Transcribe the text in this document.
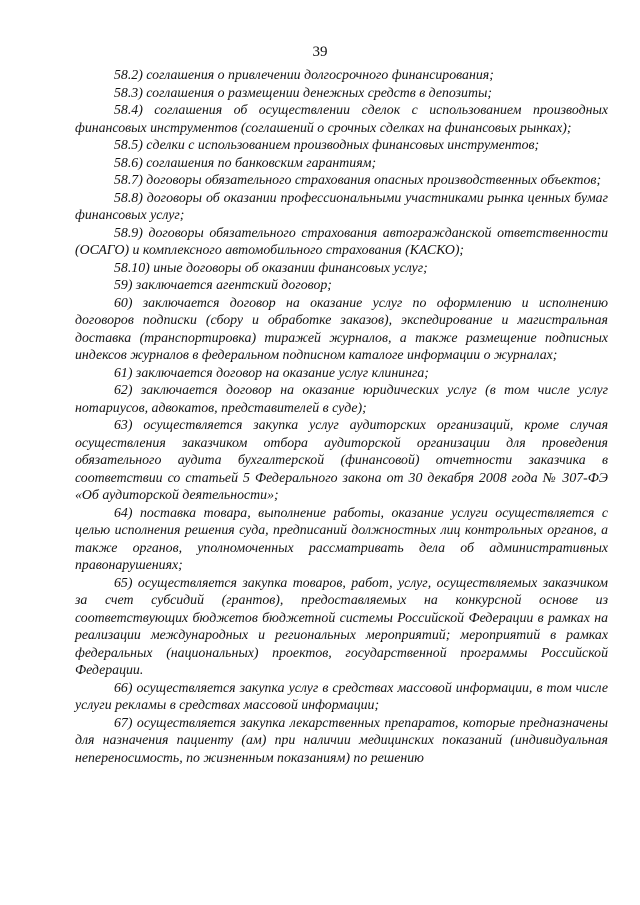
39

58.2) соглашения о привлечении долгосрочного финансирования;

58.3) соглашения о размещении денежных средств в депозиты;

58.4) соглашения об осуществлении сделок с использованием производных финансовых инструментов (соглашений о срочных сделках на финансовых рынках);

58.5) сделки с использованием производных финансовых инструментов;

58.6) соглашения по банковским гарантиям;

58.7) договоры обязательного страхования опасных производственных объектов;

58.8) договоры об оказании профессиональными участниками рынка ценных бумаг финансовых услуг;

58.9) договоры обязательного страхования автогражданской ответственности (ОСАГО) и комплексного автомобильного страхования (КАСКО);

58.10) иные договоры об оказании финансовых услуг;

59) заключается агентский договор;

60) заключается договор на оказание услуг по оформлению и исполнению договоров подписки (сбору и обработке заказов), экспедирование и магистральная доставка (транспортировка) тиражей журналов, а также размещение подписных индексов журналов в федеральном подписном каталоге информации о журналах;

61) заключается договор на оказание услуг клининга;

62) заключается договор на оказание юридических услуг (в том числе услуг нотариусов, адвокатов, представителей в суде);

63) осуществляется закупка услуг аудиторских организаций, кроме случая осуществления заказчиком отбора аудиторской организации для проведения обязательного аудита бухгалтерской (финансовой) отчетности заказчика в соответствии со статьей 5 Федерального закона от 30 декабря 2008 года № 307-ФЭ «Об аудиторской деятельности»;

64) поставка товара, выполнение работы, оказание услуги осуществляется с целью исполнения решения суда, предписаний должностных лиц контрольных органов, а также органов, уполномоченных рассматривать дела об административных правонарушениях;

65) осуществляется закупка товаров, работ, услуг, осуществляемых заказчиком за счет субсидий (грантов), предоставляемых на конкурсной основе из соответствующих бюджетов бюджетной системы Российской Федерации в рамках на реализации международных и региональных мероприятий; мероприятий в рамках федеральных (национальных) проектов, государственной программы Российской Федерации.

66) осуществляется закупка услуг в средствах массовой информации, в том числе услуги рекламы в средствах массовой информации;

67) осуществляется закупка лекарственных препаратов, которые предназначены для назначения пациенту (ам) при наличии медицинских показаний (индивидуальная непереносимость, по жизненным показаниям) по решению
